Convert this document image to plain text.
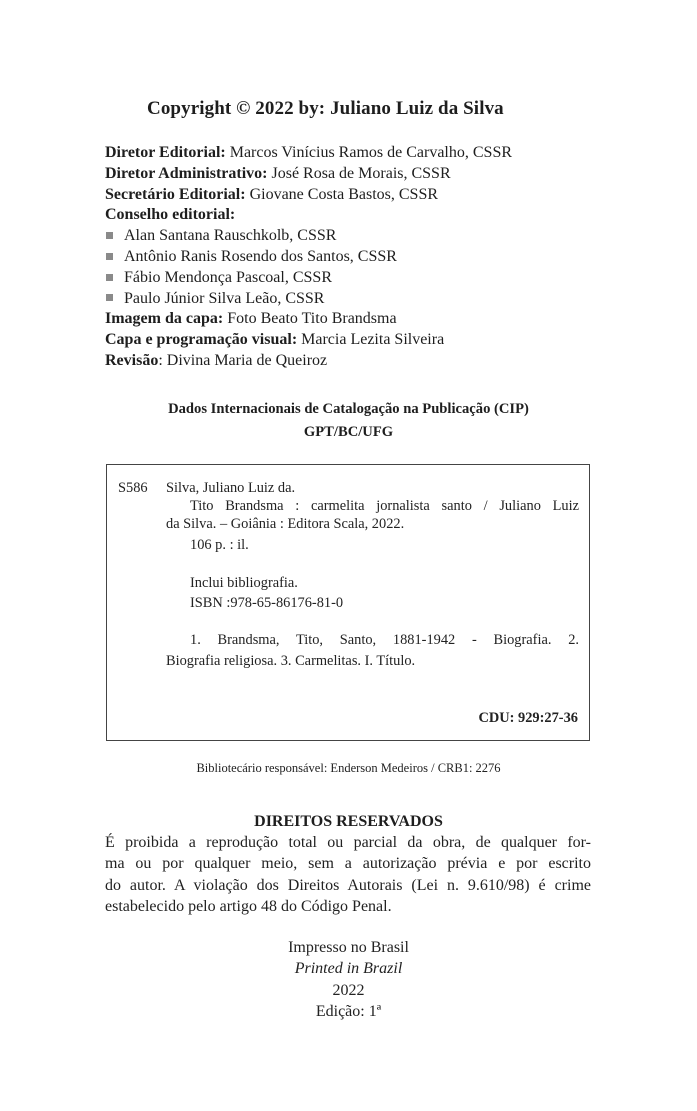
Copyright © 2022 by: Juliano Luiz da Silva
Diretor Editorial: Marcos Vinícius Ramos de Carvalho, CSSR
Diretor Administrativo: José Rosa de Morais, CSSR
Secretário Editorial: Giovane Costa Bastos, CSSR
Conselho editorial:
Alan Santana Rauschkolb, CSSR
Antônio Ranis Rosendo dos Santos, CSSR
Fábio Mendonça Pascoal, CSSR
Paulo Júnior Silva Leão, CSSR
Imagem da capa: Foto Beato Tito Brandsma
Capa e programação visual: Marcia Lezita Silveira
Revisão: Divina Maria de Queiroz
Dados Internacionais de Catalogação na Publicação (CIP)
GPT/BC/UFG
S586 Silva, Juliano Luiz da.
Tito Brandsma : carmelita jornalista santo / Juliano Luiz
da Silva. – Goiânia : Editora Scala, 2022.
106 p. : il.
Inclui bibliografia.
ISBN :978-65-86176-81-0
1. Brandsma, Tito, Santo, 1881-1942 - Biografia. 2.
Biografia religiosa. 3. Carmelitas. I. Título.
CDU: 929:27-36
Bibliotecário responsável: Enderson Medeiros / CRB1: 2276
DIREITOS RESERVADOS
É proibida a reprodução total ou parcial da obra, de qualquer for-
ma ou por qualquer meio, sem a autorização prévia e por escrito
do autor. A violação dos Direitos Autorais (Lei n. 9.610/98) é crime
estabelecido pelo artigo 48 do Código Penal.
Impresso no Brasil
Printed in Brazil
2022
Edição: 1ª
